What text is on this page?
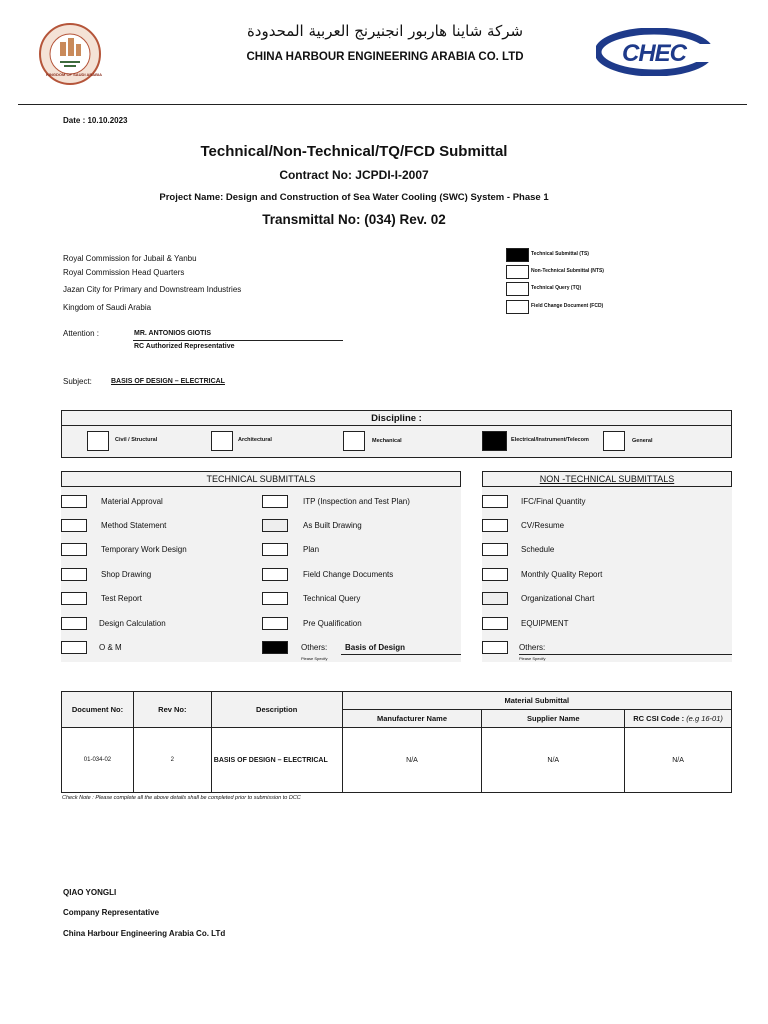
KINGDOM OF SAUDI ARABIA
شركة شاينا هاربور انجنيرنج العربية المحدودة
CHINA HARBOUR ENGINEERING ARABIA CO. LTD	CHEC
Date : 10.10.2023
Technical/Non-Technical/TQ/FCD Submittal
Contract No: JCPDI-I-2007
Project Name: Design and Construction of Sea Water Cooling (SWC) System - Phase 1
Transmittal No: (034) Rev. 02
Royal Commission for Jubail & Yanbu
Royal Commission Head Quarters
Jazan City for Primary and Downstream Industries
Kingdom of Saudi Arabia
Technical Submittal (TS)
Non-Technical Submittal (NTS)
Technical Query (TQ)
Field Change Document (FCD)
Attention :	MR. ANTONIOS GIOTIS
RC Authorized Representative
Subject:	BASIS OF DESIGN – ELECTRICAL
Discipline :
Civil / Structural	Architectural	Mechanical	Electrical/Instrument/Telecom	General
TECHNICAL SUBMITTALS
Material Approval
Method Statement
Temporary Work Design
Shop Drawing
Test Report
Design Calculation
O & M
ITP (Inspection and Test Plan)
As Built Drawing
Plan
Field Change Documents
Technical Query
Pre Qualification
Others: Basis of Design
Please Specify
NON -TECHNICAL SUBMITTALS
IFC/Final Quantity
CV/Resume
Schedule
Monthly Quality Report
Organizational Chart
EQUIPMENT
Others:
Please Specify
Document No:	Rev No:	Description	Material Submittal		
			Manufacturer Name	Supplier Name	RC CSI Code : (e.g 16-01)
01-034-02	2	BASIS OF DESIGN – ELECTRICAL	N/A	N/A	N/A
Check Note : Please complete all the above details shall be completed prior to submission to DCC
QIAO YONGLI
Company Representative
China Harbour Engineering Arabia Co. LTd
